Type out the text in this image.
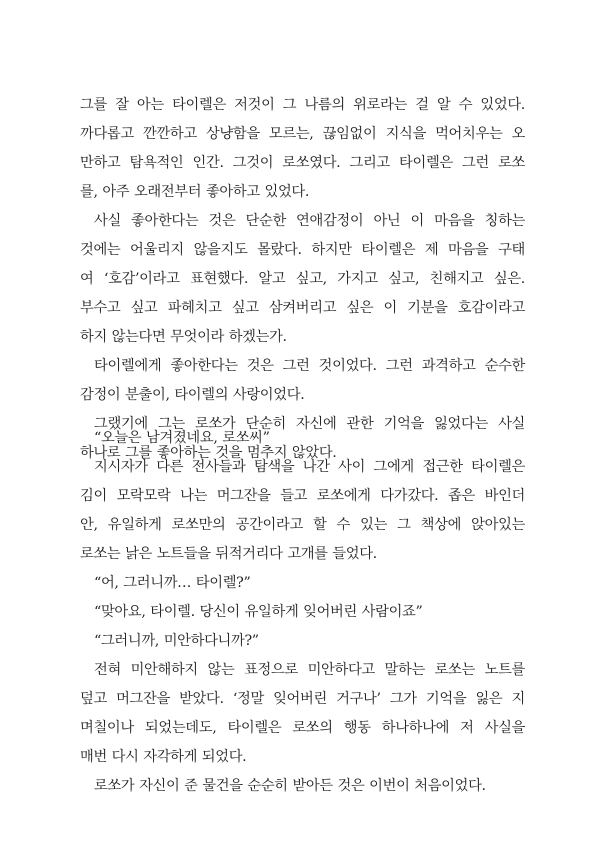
그를 잘 아는 타이렐은 저것이 그 나름의 위로라는 걸 알 수 있었다.
까다롭고 깐깐하고 상냥함을 모르는, 끊임없이 지식을 먹어치우는 오
만하고 탐욕적인 인간. 그것이 로쏘였다. 그리고 타이렐은 그런 로쏘
를, 아주 오래전부터 좋아하고 있었다.
사실 좋아한다는 것은 단순한 연애감정이 아닌 이 마음을 칭하는
것에는 어울리지 않을지도 몰랐다. 하지만 타이렐은 제 마음을 구태
여 ‘호감’이라고 표현했다. 알고 싶고, 가지고 싶고, 친해지고 싶은.
부수고 싶고 파헤치고 싶고 삼켜버리고 싶은 이 기분을 호감이라고
하지 않는다면 무엇이라 하겠는가.
타이렐에게 좋아한다는 것은 그런 것이었다. 그런 과격하고 순수한
감정이 분출이, 타이렐의 사랑이었다.
그랬기에 그는 로쏘가 단순히 자신에 관한 기억을 잃었다는 사실
하나로 그를 좋아하는 것을 멈추지 않았다.
“오늘은 남겨졌네요, 로쏘씨”
지시자가 다른 전사들과 탐색을 나간 사이 그에게 접근한 타이렐은
김이 모락모락 나는 머그잔을 들고 로쏘에게 다가갔다. 좁은 바인더
안, 유일하게 로쏘만의 공간이라고 할 수 있는 그 책상에 앉아있는
로쏘는 낡은 노트들을 뒤적거리다 고개를 들었다.
“어, 그러니까… 타이렐?”
“맞아요, 타이렐. 당신이 유일하게 잊어버린 사람이죠”
“그러니까, 미안하다니까?”
전혀 미안해하지 않는 표정으로 미안하다고 말하는 로쏘는 노트를
덮고 머그잔을 받았다. ‘정말 잊어버린 거구나’ 그가 기억을 잃은 지
며칠이나 되었는데도, 타이렐은 로쏘의 행동 하나하나에 저 사실을
매번 다시 자각하게 되었다.
로쏘가 자신이 준 물건을 순순히 받아든 것은 이번이 처음이었다.
